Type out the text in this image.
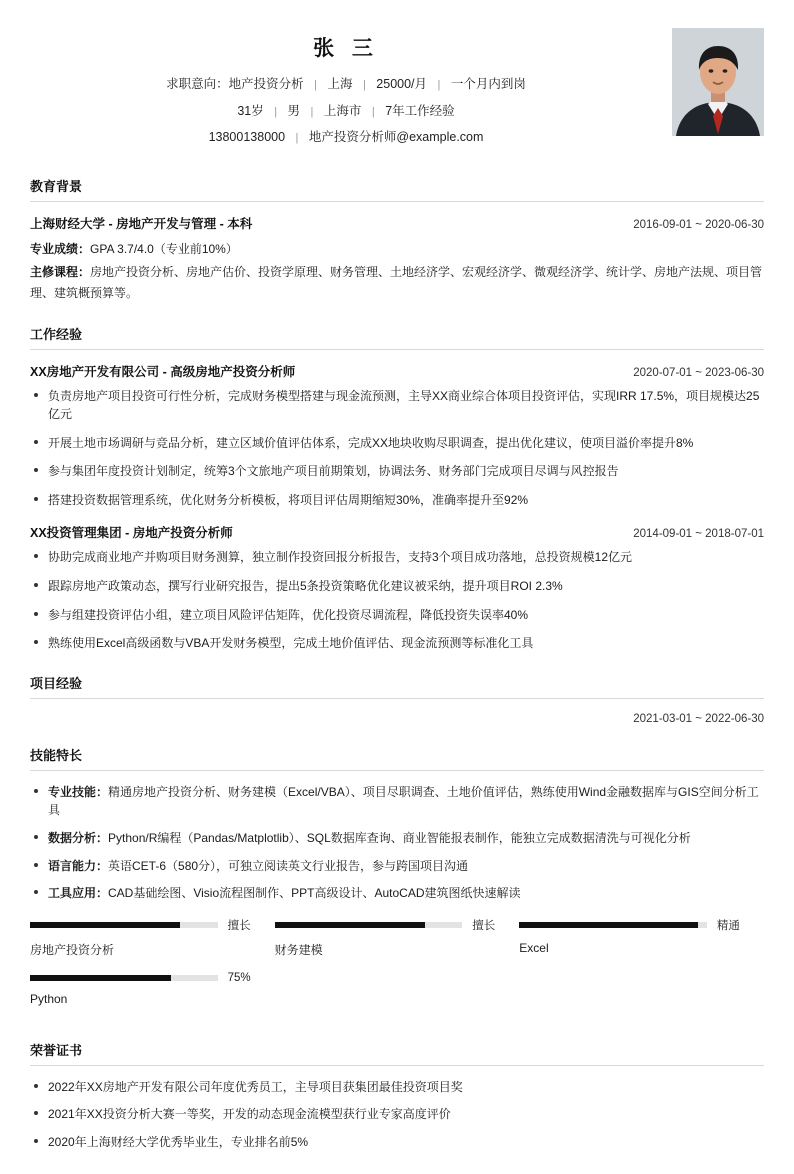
张 三
求职意向：地产投资分析 | 上海 | 25000/月 | 一个月内到岗
31岁 | 男 | 上海市 | 7年工作经验
13800138000 | 地产投资分析师@example.com
教育背景
上海财经大学 - 房地产开发与管理 - 本科	2016-09-01 ~ 2020-06-30
专业成绩：GPA 3.7/4.0（专业前10%）
主修课程：房地产投资分析、房地产估价、投资学原理、财务管理、土地经济学、宏观经济学、微观经济学、统计学、房地产法规、项目管理、建筑概预算等。
工作经验
XX房地产开发有限公司 - 高级房地产投资分析师	2020-07-01 ~ 2023-06-30
负责房地产项目投资可行性分析，完成财务模型搭建与现金流预测，主导XX商业综合体项目投资评估，实现IRR 17.5%，项目规模达25亿元
开展土地市场调研与竞品分析，建立区域价值评估体系，完成XX地块收购尽职调查，提出优化建议，使项目溢价率提升8%
参与集团年度投资计划制定，统筹3个文旅地产项目前期策划，协调法务、财务部门完成项目尽调与风控报告
搭建投资数据管理系统，优化财务分析模板，将项目评估周期缩短30%，准确率提升至92%
XX投资管理集团 - 房地产投资分析师	2014-09-01 ~ 2018-07-01
协助完成商业地产并购项目财务测算，独立制作投资回报分析报告，支持3个项目成功落地，总投资规模12亿元
跟踪房地产政策动态，撰写行业研究报告，提出5条投资策略优化建议被采纳，提升项目ROI 2.3%
参与组建投资评估小组，建立项目风险评估矩阵，优化投资尽调流程，降低投资失误率40%
熟练使用Excel高级函数与VBA开发财务模型，完成土地价值评估、现金流预测等标准化工具
项目经验
2021-03-01 ~ 2022-06-30
技能特长
专业技能：精通房地产投资分析、财务建模（Excel/VBA）、项目尽职调查、土地价值评估，熟练使用Wind金融数据库与GIS空间分析工具
数据分析：Python/R编程（Pandas/Matplotlib）、SQL数据库查询、商业智能报表制作，能独立完成数据清洗与可视化分析
语言能力：英语CET-6（580分），可独立阅读英文行业报告，参与跨国项目沟通
工具应用：CAD基础绘图、Visio流程图制作、PPT高级设计、AutoCAD建筑图纸快速解读
擅长
房地产投资分析
擅长
财务建模
精通
Excel
75%
Python
荣誉证书
2022年XX房地产开发有限公司年度优秀员工，主导项目获集团最佳投资项目奖
2021年XX投资分析大赛一等奖，开发的动态现金流模型获行业专家高度评价
2020年上海财经大学优秀毕业生，专业排名前5%
